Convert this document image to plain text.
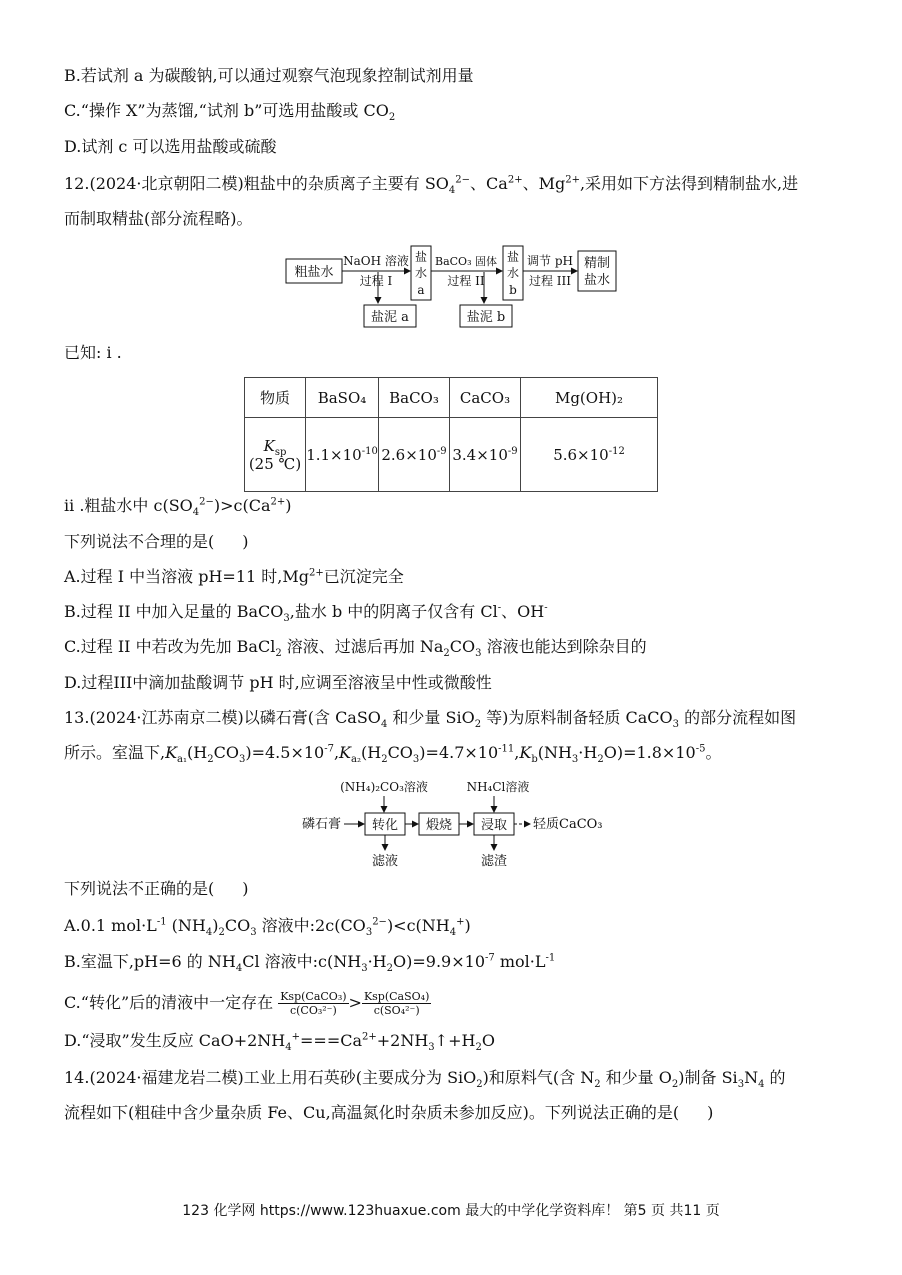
B.若试剂 a 为碳酸钠,可以通过观察气泡现象控制试剂用量
C.“操作 X”为蒸馏,“试剂 b”可选用盐酸或 $CO_2$
D.试剂 c 可以选用盐酸或硫酸
12.(2024·北京朝阳二模)粗盐中的杂质离子主要有 $SO_4^{2-}$、$Ca^{2+}$、$Mg^{2+}$,采用如下方法得到精制盐水,进
而制取精盐(部分流程略)。
粗盐水
NaOH 溶液
过程 I
盐
水
a
BaCO₃ 固体
过程 II
盐
水
b
调节 pH
过程 III
精制
盐水
盐泥 a	盐泥 b
已知: i .
物质	BaSO₄	BaCO₃	CaCO₃	Mg(OH)₂
$K_{sp}$
(25 ℃)	$1.1\times 10^{-10}$	$2.6\times 10^{-9}$	$3.4\times 10^{-9}$	$5.6\times 10^{-12}$
ii .粗盐水中 $c(SO_4^{2-})>c(Ca^{2+})$
下列说法不合理的是( )
A.过程 I 中当溶液 pH=11 时$,Mg^{2+}$已沉淀完全
B.过程 II 中加入足量的 BaCO$_3$,盐水 b 中的阴离子仅含有 Cl-、OH-
C.过程 II 中若改为先加 BaCl$_2$ 溶液、过滤后再加 $Na_2CO_3$ 溶液也能达到除杂目的
D.过程III中滴加盐酸调节 pH 时,应调至溶液呈中性或微酸性
13.(2024·江苏南京二模)以磷石膏(含 CaSO$_4$ 和少量 SiO$_2$ 等)为原料制备轻质 CaCO$_3$ 的部分流程如图
所示。室温下$,K_{a_1}(H_2CO_3)=4.5\times 10^{-7},K_{a_2}(H_2CO_3)=4.7\times 10^{-11},K_b(NH_3\cdot H_2O)=1.8\times 10^{-5}$。
(NH₄)₂CO₃溶液	NH₄Cl溶液
磷石膏 转化 煅烧 浸取 轻质CaCO₃
滤液	滤渣
下列说法不正确的是( )
A.0.1 $mol\cdot L^{-1}$ $(NH_4)_2CO_3$ 溶液中$:2c(CO_3^{2-})<c(NH_4^+)$
B.室温下,pH=6 的 $NH_4Cl$ 溶液中$:c(NH_3\cdot H_2O)=9.9\times 10^{-7}$ $mol\cdot L^{-1}$
C.“转化”后的清液中一定存在 $\frac{\text{Ksp(CaCO₃)}}{\text{c(CO₃²⁻)}} > \frac{\text{Ksp(CaSO₄)}}{\text{c(SO₄²⁻)}}$
D.“浸取”发生反应 $CaO+2NH_4^+===Ca^{2+}+2NH_3↑+H_2O$
14.(2024·福建龙岩二模)工业上用石英砂(主要成分为 SiO$_2$)和原料气(含 $N_2$ 和少量 $O_2$)制备 $Si_3N_4$ 的
流程如下(粗硅中含少量杂质 Fe、Cu,高温氮化时杂质未参加反应)。下列说法正确的是( )
123 化学网 https://www.123huaxue.com 最大的中学化学资料库！ 第5 页 共11 页
